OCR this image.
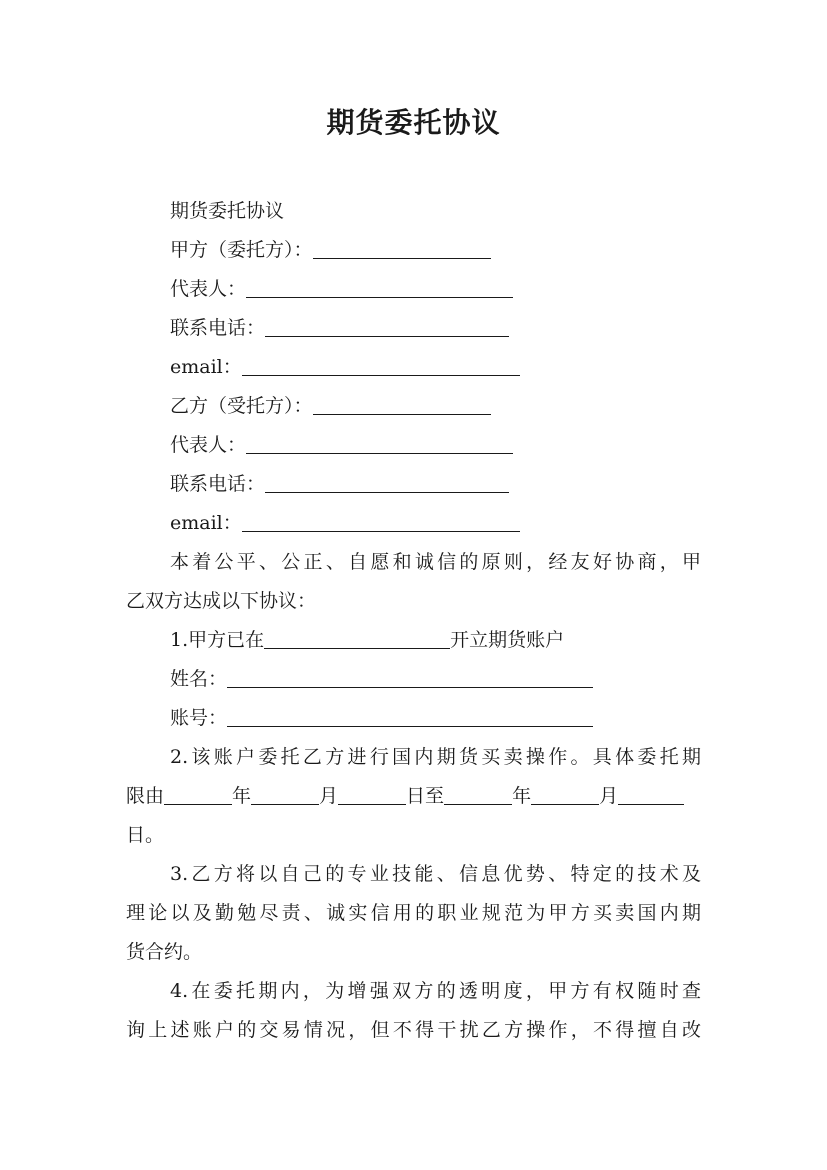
期货委托协议
期货委托协议
甲方（委托方）：
代表人：
联系电话：
email：
乙方（受托方）：
代表人：
联系电话：
email：
本着公平、公正、自愿和诚信的原则，经友好协商，甲
乙双方达成以下协议：
1.甲方已在	开立期货账户
姓名：
账号：
2.该账户委托乙方进行国内期货买卖操作。具体委托期
限由	年	月	日至	年	月
日。
3.乙方将以自己的专业技能、信息优势、特定的技术及
理论以及勤勉尽责、诚实信用的职业规范为甲方买卖国内期
货合约。
4.在委托期内，为增强双方的透明度，甲方有权随时查
询上述账户的交易情况，但不得干扰乙方操作，不得擅自改
